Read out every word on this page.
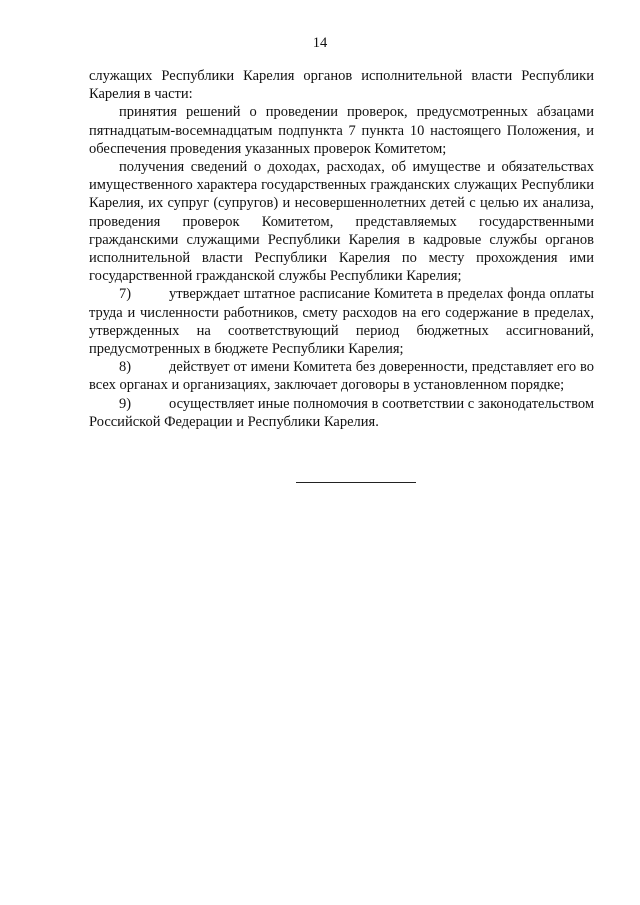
14

служащих Республики Карелия органов исполнительной власти Республики Карелия в части:

принятия решений о проведении проверок, предусмотренных абзацами пятнадцатым-восемнадцатым подпункта 7 пункта 10 настоящего Положения, и обеспечения проведения указанных проверок Комитетом;

получения сведений о доходах, расходах, об имуществе и обязательствах имущественного характера государственных гражданских служащих Республики Карелия, их супруг (супругов) и несовершеннолетних детей с целью их анализа, проведения проверок Комитетом, представляемых государственными гражданскими служащими Республики Карелия в кадровые службы органов исполнительной власти Республики Карелия по месту прохождения ими государственной гражданской службы Республики Карелия;

7)	утверждает штатное расписание Комитета в пределах фонда оплаты труда и численности работников, смету расходов на его содержание в пределах, утвержденных на соответствующий период бюджетных ассигнований, предусмотренных в бюджете Республики Карелия;

8)	действует от имени Комитета без доверенности, представляет его во всех органах и организациях, заключает договоры в установленном порядке;

9)	осуществляет иные полномочия в соответствии с законодательством Российской Федерации и Республики Карелия.
